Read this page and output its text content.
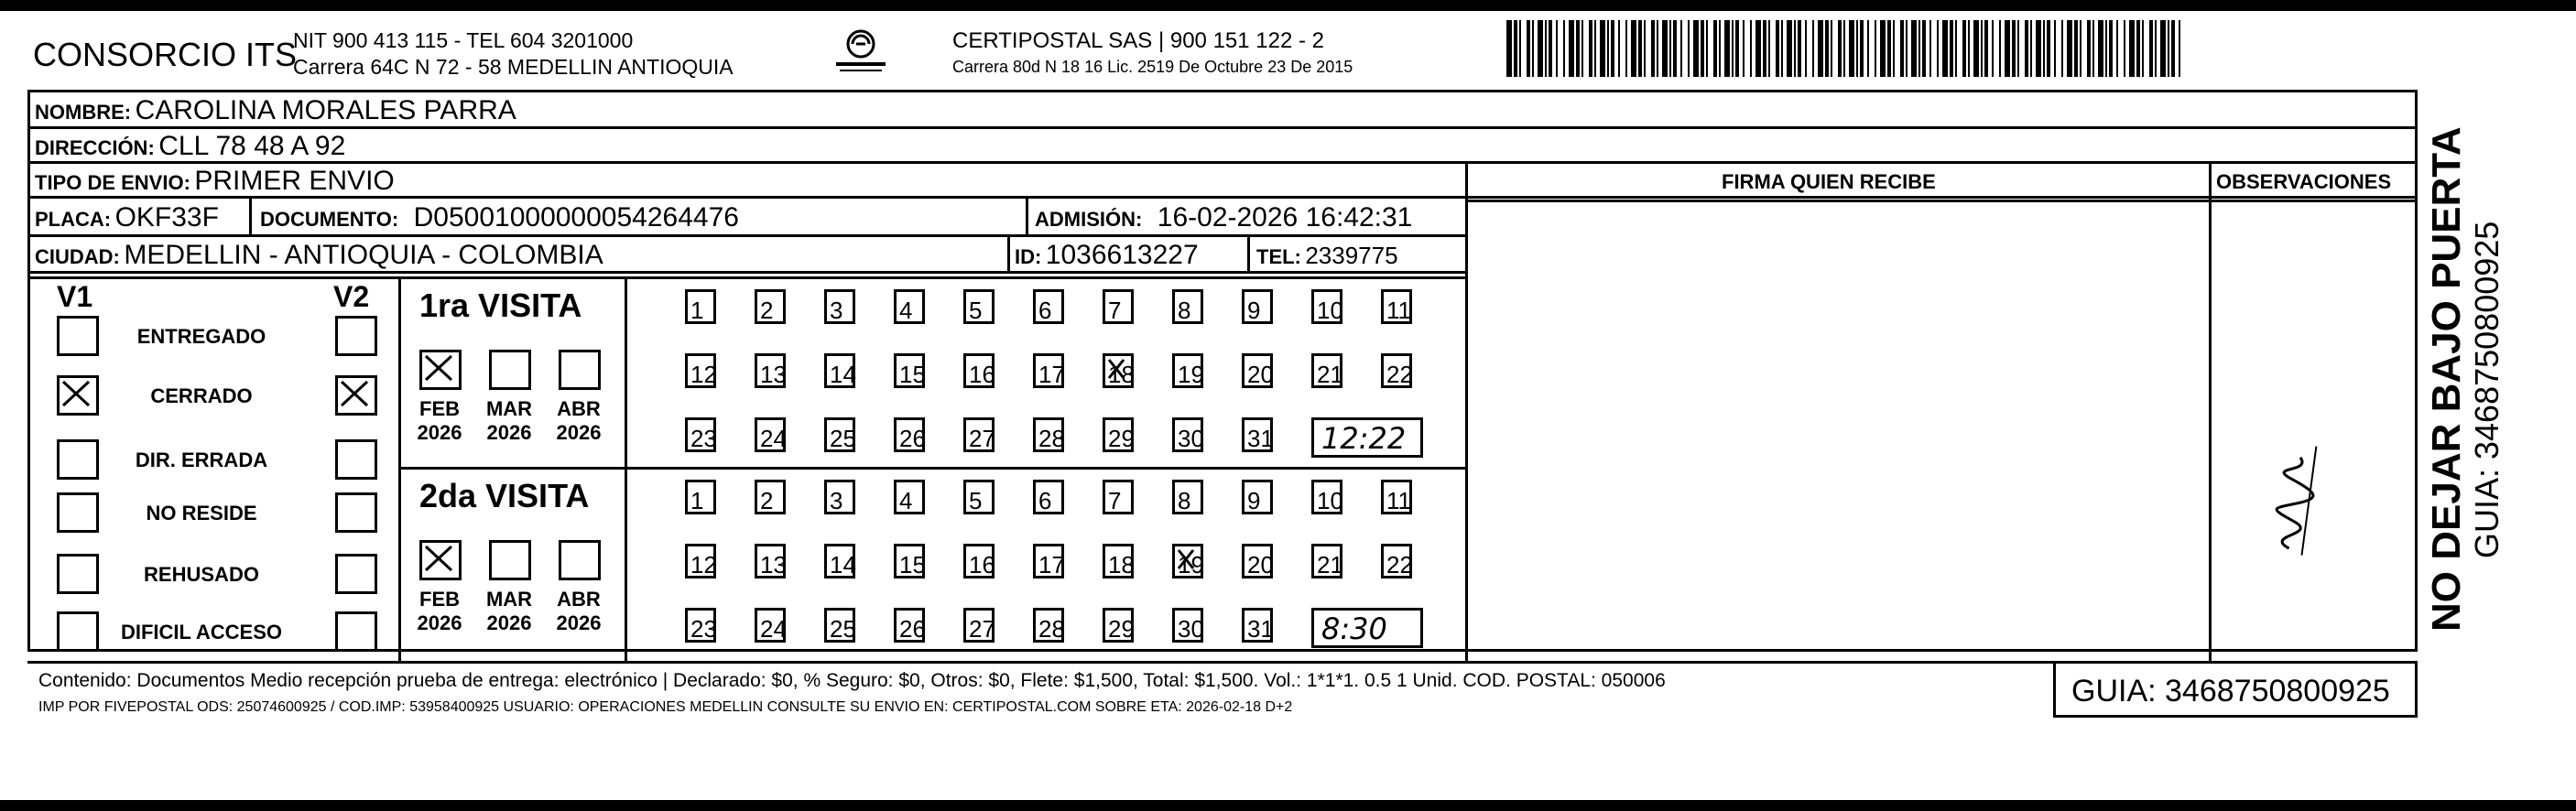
CONSORCIO ITS
NIT 900 413 115 - TEL 604 3201000
Carrera 64C N 72 - 58 MEDELLIN ANTIOQUIA
CERTIPOSTAL SAS | 900 151 122 - 2
Carrera 80d N 18 16 Lic. 2519 De Octubre 23 De 2015
FIRMA QUIEN RECIBE	OBSERVACIONES
NOMBRE: CAROLINA MORALES PARRA
DIRECCIÓN: CLL 78 48 A 92
TIPO DE ENVIO: PRIMER ENVIO
PLACA: OKF33F DOCUMENTO: D05001000000054264476	ADMISIÓN: 16-02-2026 16:42:31
CIUDAD: MEDELLIN - ANTIOQUIA - COLOMBIA	ID: 1036613227	TEL: 2339775
V1	V2
Contenido: Documentos Medio recepción prueba de entrega: electrónico | Declarado: $0, % Seguro: $0, Otros: $0, Flete: $1,500, Total: $1,500. Vol.: 1*1*1. 0.5 1 Unid. COD. POSTAL: 050006
IMP POR FIVEPOSTAL ODS: 25074600925 / COD.IMP: 53958400925 USUARIO: OPERACIONES MEDELLIN CONSULTE SU ENVIO EN: CERTIPOSTAL.COM SOBRE ETA: 2026-02-18 D+2	GUIA: 3468750800925
NO DEJAR BAJO PUERTA GUIA: 3468750800925
ENTREGADO
CERRADO
DIR. ERRADA
NO RESIDE
REHUSADO
DIFICIL ACCESO
1ra VISITA
FEB
2026
MAR
2026
ABR
2026
1	2	3	4	5	6	7	8	9	10 11
12 13 14 15 16 17 18 19 20 21 22
23 24 25 26 27 28 29 30 31 12:22
2da VISITA
FEB
2026
MAR
2026
ABR
2026
1	2	3	4	5	6	7	8	9	10 11
12 13 14 15 16 17 18 19 20 21 22
23 24 25 26 27 28 29 30 31 8:30
